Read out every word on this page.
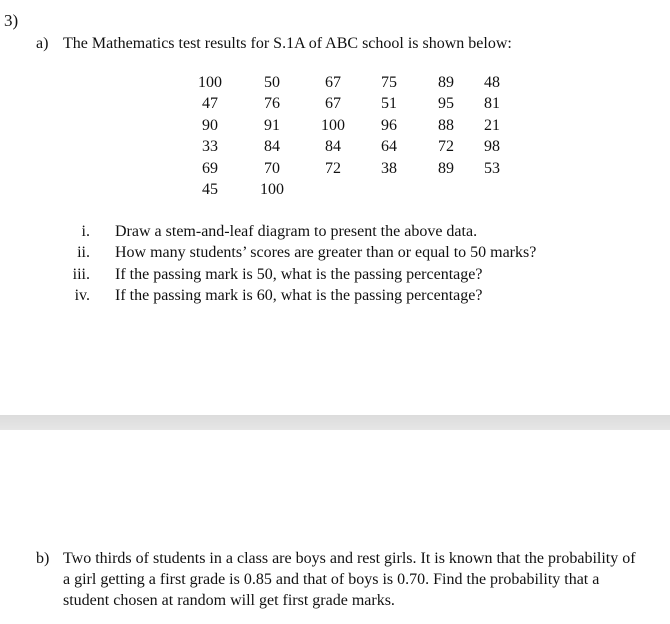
3)
a) The Mathematics test results for S.1A of ABC school is shown below:
100	50	67	75	89	48
47	76	67	51	95	81
90	91	100	96	88	21
33	84	84	64	72	98
69	70	72	38	89	53
45	100
i. Draw a stem-and-leaf diagram to present the above data.
ii. How many students’ scores are greater than or equal to 50 marks?
iii. If the passing mark is 50, what is the passing percentage?
iv. If the passing mark is 60, what is the passing percentage?
b) Two thirds of students in a class are boys and rest girls. It is known that the probability of
a girl getting a first grade is 0.85 and that of boys is 0.70. Find the probability that a
student chosen at random will get first grade marks.
